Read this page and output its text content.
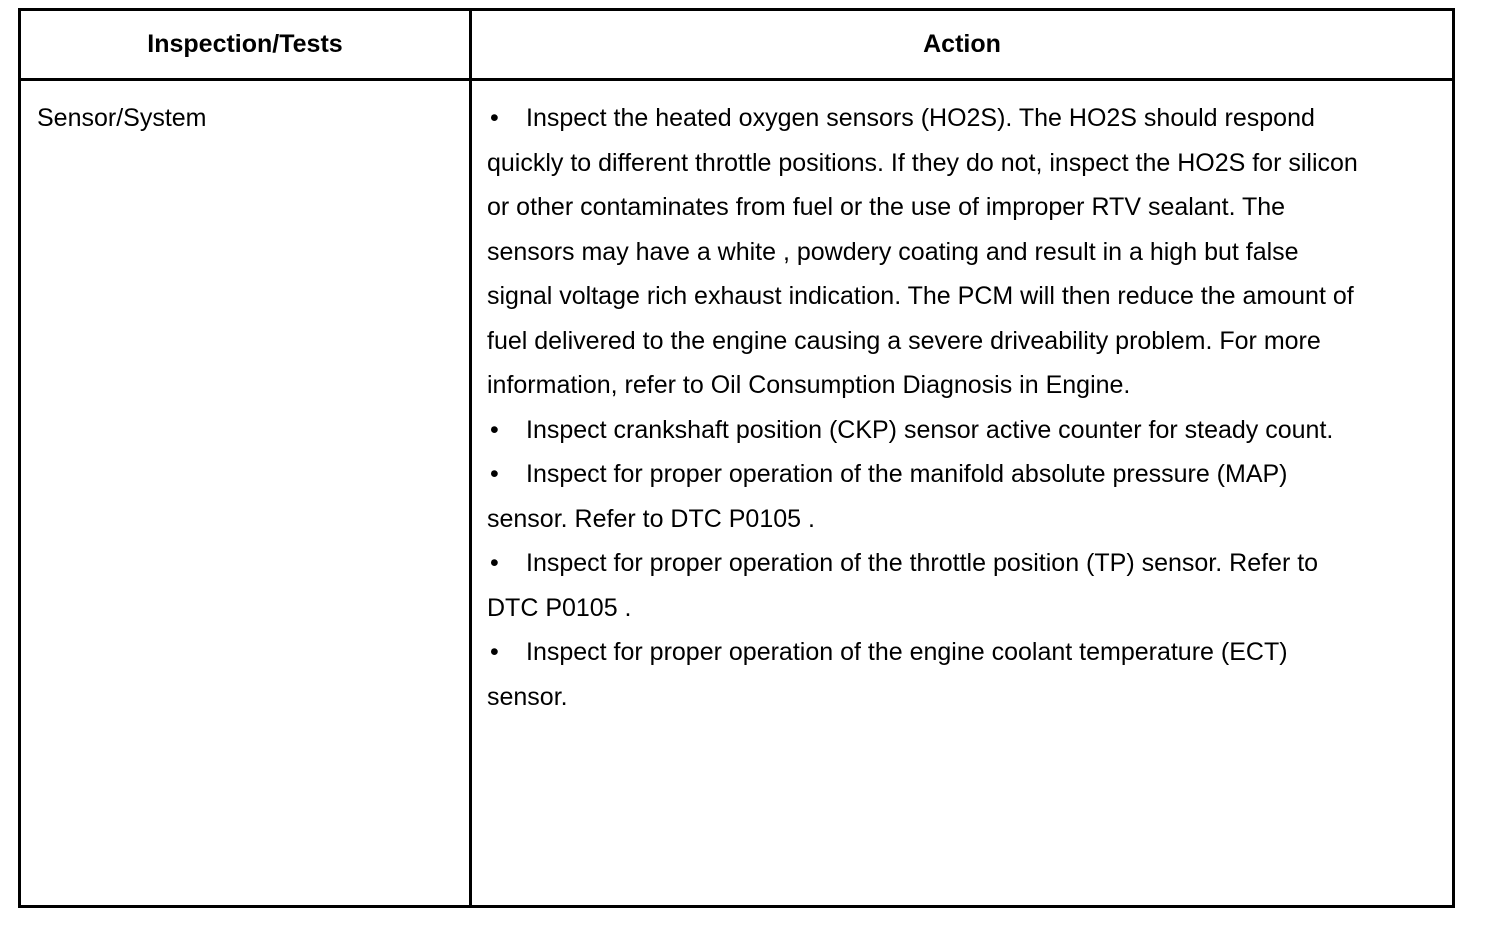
Inspection/Tests	Action
Sensor/System	• Inspect the heated oxygen sensors (HO2S). The HO2S should respond quickly to different throttle positions. If they do not, inspect the HO2S for silicon or other contaminates from fuel or the use of improper RTV sealant. The sensors may have a white , powdery coating and result in a high but false signal voltage rich exhaust indication. The PCM will then reduce the amount of fuel delivered to the engine causing a severe driveability problem. For more information, refer to Oil Consumption Diagnosis in Engine.

• Inspect crankshaft position (CKP) sensor active counter for steady count.

• Inspect for proper operation of the manifold absolute pressure (MAP) sensor. Refer to DTC P0105 .

• Inspect for proper operation of the throttle position (TP) sensor. Refer to DTC P0105 .

• Inspect for proper operation of the engine coolant temperature (ECT) sensor.
